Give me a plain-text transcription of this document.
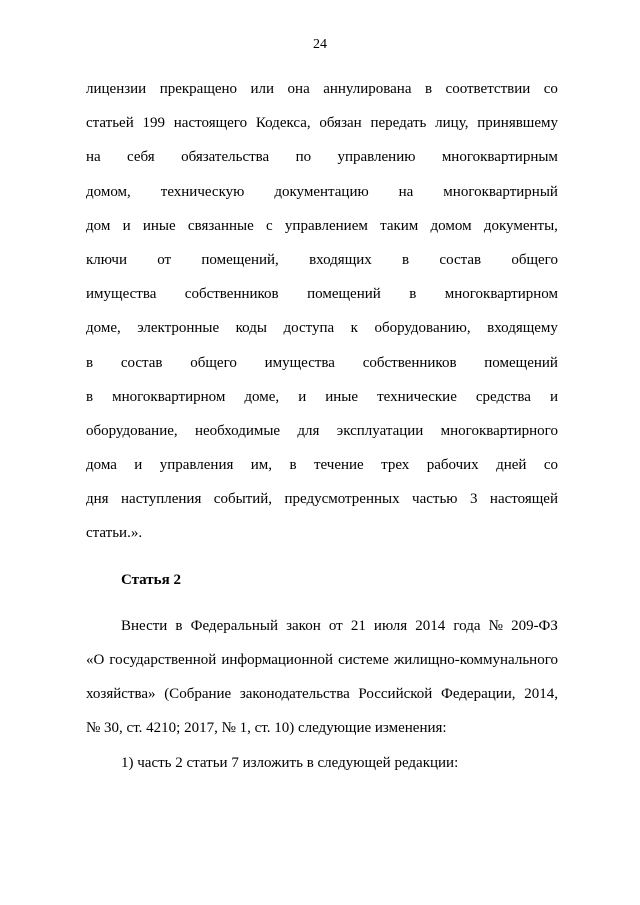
24
лицензии прекращено или она аннулирована в соответствии со
статьей 199 настоящего Кодекса, обязан передать лицу, принявшему
на себя обязательства по управлению многоквартирным
домом, техническую документацию на многоквартирный
дом и иные связанные с управлением таким домом документы,
ключи от помещений, входящих в состав общего
имущества собственников помещений в многоквартирном
доме, электронные коды доступа к оборудованию, входящему
в состав общего имущества собственников помещений
в многоквартирном доме, и иные технические средства и
оборудование, необходимые для эксплуатации многоквартирного
дома и управления им, в течение трех рабочих дней со
дня наступления событий, предусмотренных частью 3 настоящей
статьи.».
Статья 2
Внести в Федеральный закон от 21 июля 2014 года № 209-ФЗ
«О государственной информационной системе жилищно-коммунального
хозяйства» (Собрание законодательства Российской Федерации, 2014,
№ 30, ст. 4210; 2017, № 1, ст. 10) следующие изменения:
1) часть 2 статьи 7 изложить в следующей редакции:
